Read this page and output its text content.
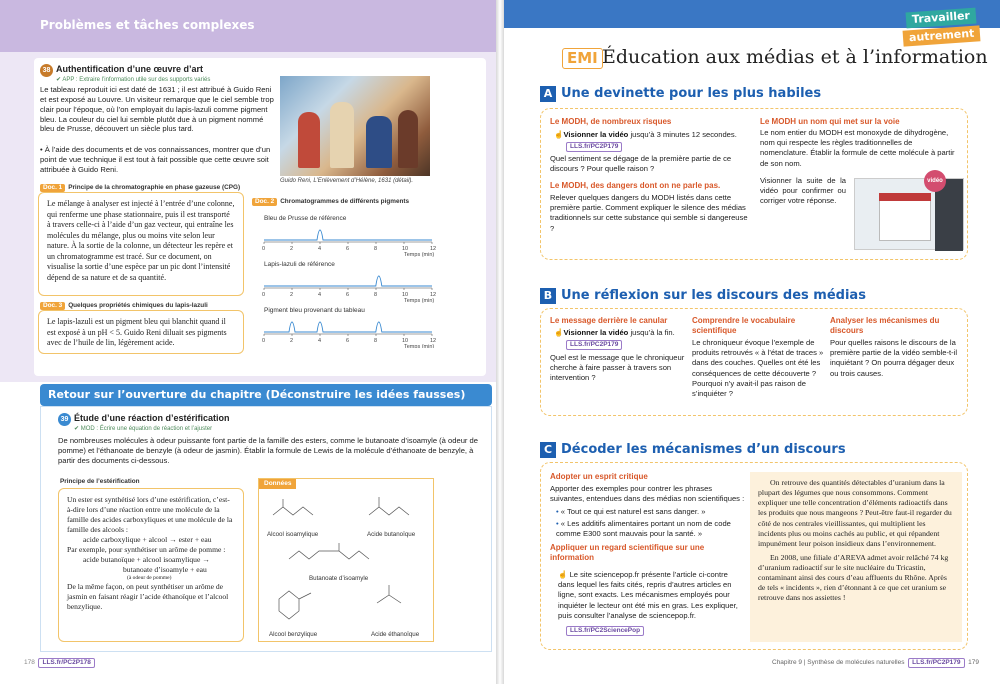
Problèmes et tâches complexes
38 Authentification d’une œuvre d’art
✔ APP : Extraire l’information utile sur des supports variés
Le tableau reproduit ici est daté de 1631 ; il est attribué à Guido Reni et est exposé au Louvre. Un visiteur remarque que le ciel semble trop clair pour l’époque, où l’on employait du lapis-lazuli comme pigment bleu. La couleur du ciel lui semble plutôt due à un pigment nommé bleu de Prusse, découvert un siècle plus tard.
• À l’aide des documents et de vos connaissances, montrer que d’un point de vue technique il est tout à fait possible que cette œuvre soit attribuée à Guido Reni.
Guido Reni, L’Enlèvement d’Hélène, 1631 (détail).
Doc. 1 Principe de la chromatographie en phase gazeuse (CPG)
Le mélange à analyser est injecté à l’entrée d’une colonne, qui renferme une phase stationnaire, puis il est transporté à travers celle-ci à l’aide d’un gaz vecteur, qui entraîne les molécules du mélange, plus ou moins vite selon leur nature. À la sortie de la colonne, un détecteur les repère et un chromatogramme est tracé. Sur ce document, on visualise la sortie d’une espèce par un pic dont l’intensité dépend de sa nature et de sa quantité.
Doc. 2 Chromatogrammes de différents pigments
Bleu de Prusse de référence
0	2	4	6	8	10	12
Temps (min)
Lapis-lazuli de référence
0	2	4	6	8	10	12
Temps (min)
Pigment bleu provenant du tableau
0	2	4	6	8	10	12
Temps (min)
Doc. 3 Quelques propriétés chimiques du lapis-lazuli
Le lapis-lazuli est un pigment bleu qui blanchit quand il est exposé à un pH < 5. Guido Reni diluait ses pigments avec de l’huile de lin, légèrement acide.
Retour sur l’ouverture du chapitre (Déconstruire les idées fausses)
39 Étude d’une réaction d’estérification
✔ MOD : Écrire une équation de réaction et l’ajuster
De nombreuses molécules à odeur puissante font partie de la famille des esters, comme le butanoate d’isoamyle (à odeur de pomme) et l’éthanoate de benzyle (à odeur de jasmin). Établir la formule de Lewis de la molécule d’éthanoate de benzyle, à partir des documents ci-dessous.
Principe de l’estérification
Un ester est synthétisé lors d’une estérification, c’est-à-dire lors d’une réaction entre une molécule de la famille des acides carboxyliques et une molécule de la famille des alcools :
acide carboxylique + alcool → ester + eau
Par exemple, pour synthétiser un arôme de pomme :
acide butanoïque + alcool isoamylique →
butanoate d’isoamyle + eau
(à odeur de pomme)
De la même façon, on peut synthétiser un arôme de jasmin en faisant réagir l’acide éthanoïque et l’alcool benzylique.
Données
Alcool isoamylique	Acide butanoïque
Butanoate d’isoamyle
Alcool benzylique	Acide éthanoïque
178 LLS.fr/PC2P178
Travailler
autrement
EMI Éducation aux médias et à l’information
A Une devinette pour les plus habiles
Le MODH, de nombreux risques
☝Visionner la vidéo jusqu’à 3 minutes 12 secondes.
LLS.fr/PC2P179
Quel sentiment se dégage de la première partie de ce discours ? Pour quelle raison ?
Le MODH, des dangers dont on ne parle pas.
Relever quelques dangers du MODH listés dans cette première partie. Comment expliquer le silence des médias traditionnels sur cette substance qui semble si dangereuse ?
Le MODH un nom qui met sur la voie
Le nom entier du MODH est monoxyde de dihydrogène, nom qui respecte les règles traditionnelles de nomenclature. Établir la formule de cette molécule à partir de son nom.
Visionner la suite de la vidéo pour confirmer ou corriger votre réponse.
vidéo
B Une réflexion sur les discours des médias
Le message derrière le canular
☝Visionner la vidéo jusqu’à la fin.
LLS.fr/PC2P179
Quel est le message que le chroniqueur cherche à faire passer à travers son intervention ?
Comprendre le vocabulaire scientifique
Le chroniqueur évoque l’exemple de produits retrouvés « à l’état de traces » dans des couches. Quelles ont été les conséquences de cette découverte ? Pourquoi n’y avait-il pas raison de s’inquiéter ?
Analyser les mécanismes du discours
Pour quelles raisons le discours de la première partie de la vidéo semble-t-il inquiétant ? On pourra dégager deux ou trois causes.
C Décoder les mécanismes d’un discours
Adopter un esprit critique
Apporter des exemples pour contrer les phrases suivantes, entendues dans des médias non scientifiques :
• « Tout ce qui est naturel est sans danger. »
• « Les additifs alimentaires portant un nom de code comme E300 sont mauvais pour la santé. »
Appliquer un regard scientifique sur une information
☝ Le site sciencepop.fr présente l’article ci-contre dans lequel les faits cités, repris d’autres articles en ligne, sont exacts. Les mécanismes employés pour inquiéter le lecteur ont été mis en gras. Les expliquer, puis consulter l’analyse de sciencepop.fr.
LLS.fr/PC2SciencePop
On retrouve des quantités détectables d’uranium dans la plupart des légumes que nous consommons. Comment expliquer une telle concentration d’éléments radioactifs dans les produits que nous mangeons ? Peut-être faut-il regarder du côté de nos centrales vieillissantes, qui multiplient les incidents plus ou moins cachés au public, et qui répandent impunément leur poison insidieux dans l’environnement.
En 2008, une filiale d’AREVA admet avoir relâché 74 kg d’uranium radioactif sur le site nucléaire du Tricastin, contaminant ainsi des cours d’eau affluents du Rhône. Après de tels « incidents », rien d’étonnant à ce que cet uranium se retrouve dans nos assiettes !
Chapitre 9 | Synthèse de molécules naturelles LLS.fr/PC2P179 179
